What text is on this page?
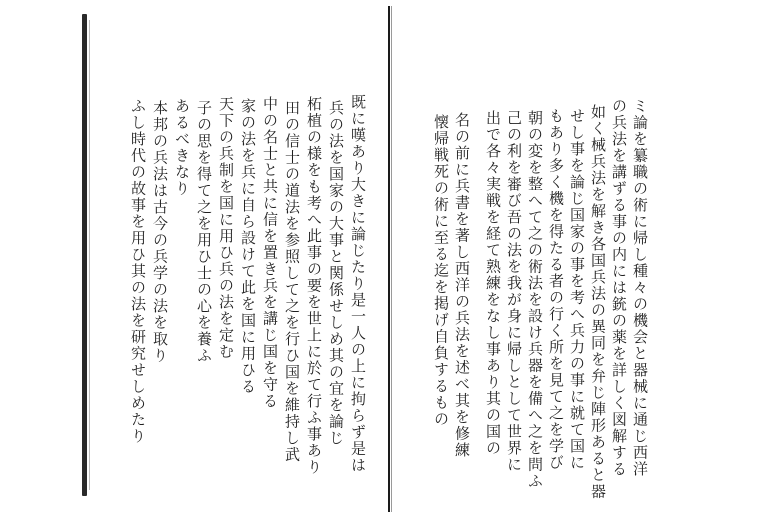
既に嘆あり大きに論じたり是一人の上に拘らず是は
兵の法を国家の大事と関係せしめ其の宜を論じ
柘植の様をも考へ此事の要を世上に於て行ふ事あり
田の信士の道法を参照して之を行ひ国を維持し武
中の名士と共に信を置き兵を講じ国を守る
家の法を兵に自ら設けて此を国に用ひる
天下の兵制を国に用ひ兵の法を定む
子の思を得て之を用ひ士の心を養ふ
あるべきなり
本邦の兵法は古今の兵学の法を取り
ふし時代の故事を用ひ其の法を研究せしめたり	ミ論を纂職の術に帰し種々の機会と器械に通じ西洋
の兵法を講ずる事の内には銃の薬を詳しく図解する
如く械兵法を解き各国兵法の異同を弁じ陣形あると器
せし事を論じ国家の事を考へ兵力の事に就て国に
もあり多く機を得たる者の行く所を見て之を学び
朝の変を整へて之の術法を設け兵器を備へ之を問ふ
己の利を審び吾の法を我が身に帰しとして世界に
出で各々実戦を経て熟練をなし事あり其の国の
名の前に兵書を著し西洋の兵法を述べ其を修練
懐帰戦死の術に至る迄を掲げ自負するもの
